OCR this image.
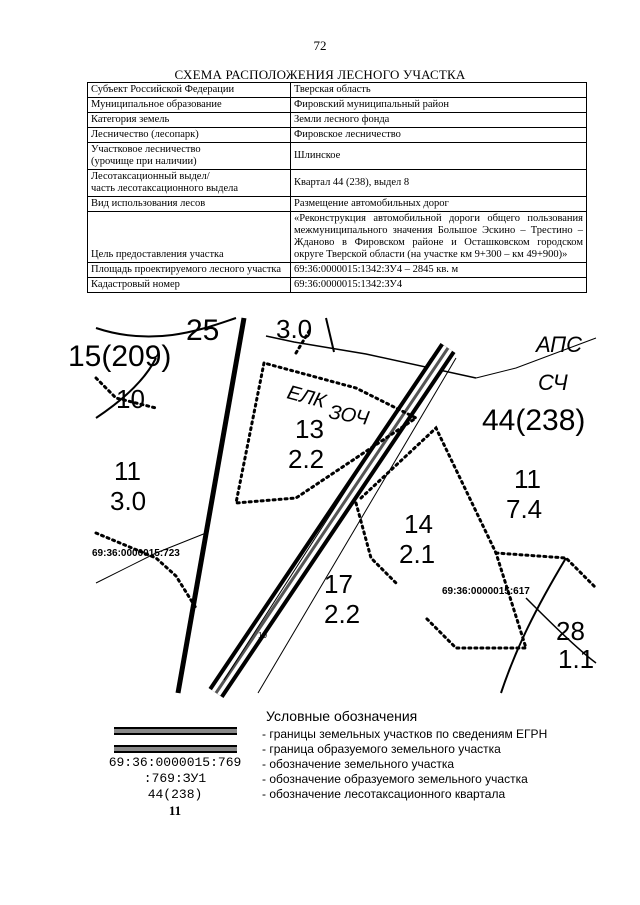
72
СХЕМА РАСПОЛОЖЕНИЯ ЛЕСНОГО УЧАСТКА
Субъект Российской Федерации	Тверская область
Муниципальное образование	Фировский муниципальный район
Категория земель	Земли лесного фонда
Лесничество (лесопарк)	Фировское лесничество

Участковое лесничество
(урочище при наличии)	Шлинское

Лесотаксационный выдел/
часть лесотаксационного выдела	Квартал 44 (238), выдел 8
Вид использования лесов	Размещение автомобильных дорог
Цель предоставления участка	«Реконструкция автомобильной дороги общего пользования межмуниципального значения Большое Эскино – Трестино – Жданово в Фировском районе и Осташковском городском округе Тверской области (на участке км 9+300 – км 49+900)»
Площадь проектируемого лесного участка	69:36:0000015:1342:ЗУ4 – 2845 кв. м
Кадастровый номер	69:36:0000015:1342:ЗУ4
25
15(209)
10
11
3.0
3.0
13
2.2
14
2.1
17
2.2
11
7.4
44(238)
28
1.1
69:36:0000015:723
69:36:0000015:617
10
ЕЛК
ЗОЧ
АПС
СЧ
Условные обозначения
69:36:0000015:769
:769:ЗУ1
44(238)
11
- границы земельных участков по сведениям ЕГРН
- граница образуемого земельного участка
- обозначение земельного участка
- обозначение образуемого земельного участка
- обозначение лесотаксационного квартала
